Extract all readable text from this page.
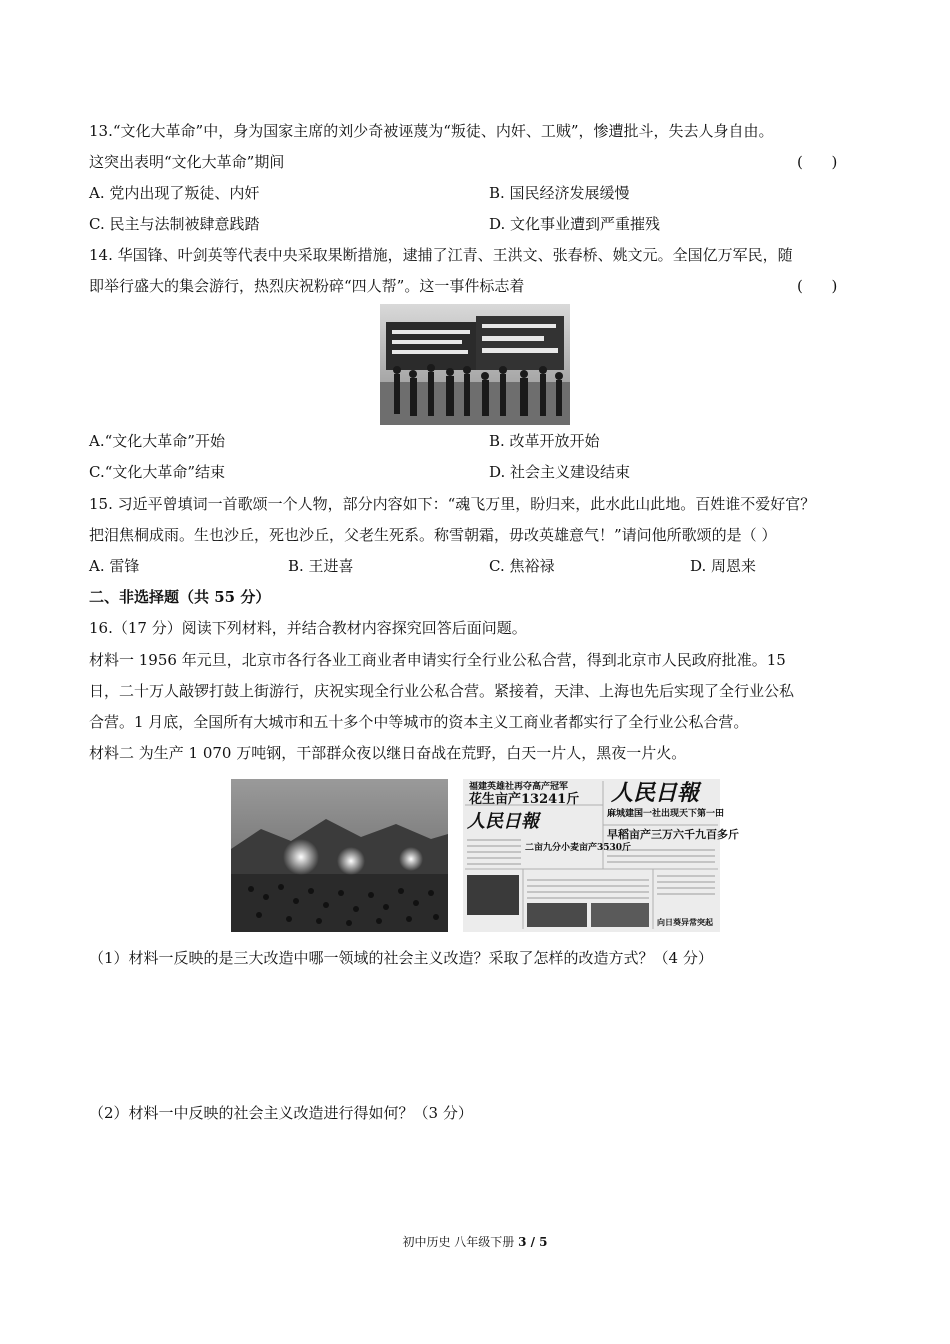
13.“文化大革命”中，身为国家主席的刘少奇被诬蔑为“叛徒、内奸、工贼”，惨遭批斗，失去人身自由。
这突出表明“文化大革命”期间	(      )
A. 党内出现了叛徒、内奸	B. 国民经济发展缓慢
C. 民主与法制被肆意践踏	D. 文化事业遭到严重摧残
14. 华国锋、叶剑英等代表中央采取果断措施，逮捕了江青、王洪文、张春桥、姚文元。全国亿万军民，随
即举行盛大的集会游行，热烈庆祝粉碎“四人帮”。这一事件标志着	(      )
A.“文化大革命”开始	B. 改革开放开始
C.“文化大革命”结束	D. 社会主义建设结束
15. 习近平曾填词一首歌颂一个人物，部分内容如下：“魂飞万里，盼归来，此水此山此地。百姓谁不爱好官？
把泪焦桐成雨。生也沙丘，死也沙丘，父老生死系。称雪朝霜，毋改英雄意气！”请问他所歌颂的是（ ）
A. 雷锋	B. 王进喜	C. 焦裕禄	D. 周恩来
二、非选择题（共 55 分）
16.（17 分）阅读下列材料，并结合教材内容探究回答后面问题。
材料一 1956 年元旦，北京市各行各业工商业者申请实行全行业公私合营，得到北京市人民政府批准。15
日，二十万人敲锣打鼓上街游行，庆祝实现全行业公私合营。紧接着，天津、上海也先后实现了全行业公私
合营。1 月底，全国所有大城市和五十多个中等城市的资本主义工商业者都实行了全行业公私合营。
材料二 为生产 1 070 万吨钢，干部群众夜以继日奋战在荒野，白天一片人，黑夜一片火。
福建英雄社再夺高产冠军
花生亩产13241斤 人民日報
人民日報	麻城建国一社出现天下第一田
早稻亩产三万六千九百多斤
二亩九分小麦亩产3530斤
向日葵异常突起
（1）材料一反映的是三大改造中哪一领域的社会主义改造？采取了怎样的改造方式？（4 分）
（2）材料一中反映的社会主义改造进行得如何？（3 分）
初中历史 八年级下册 3 / 5
